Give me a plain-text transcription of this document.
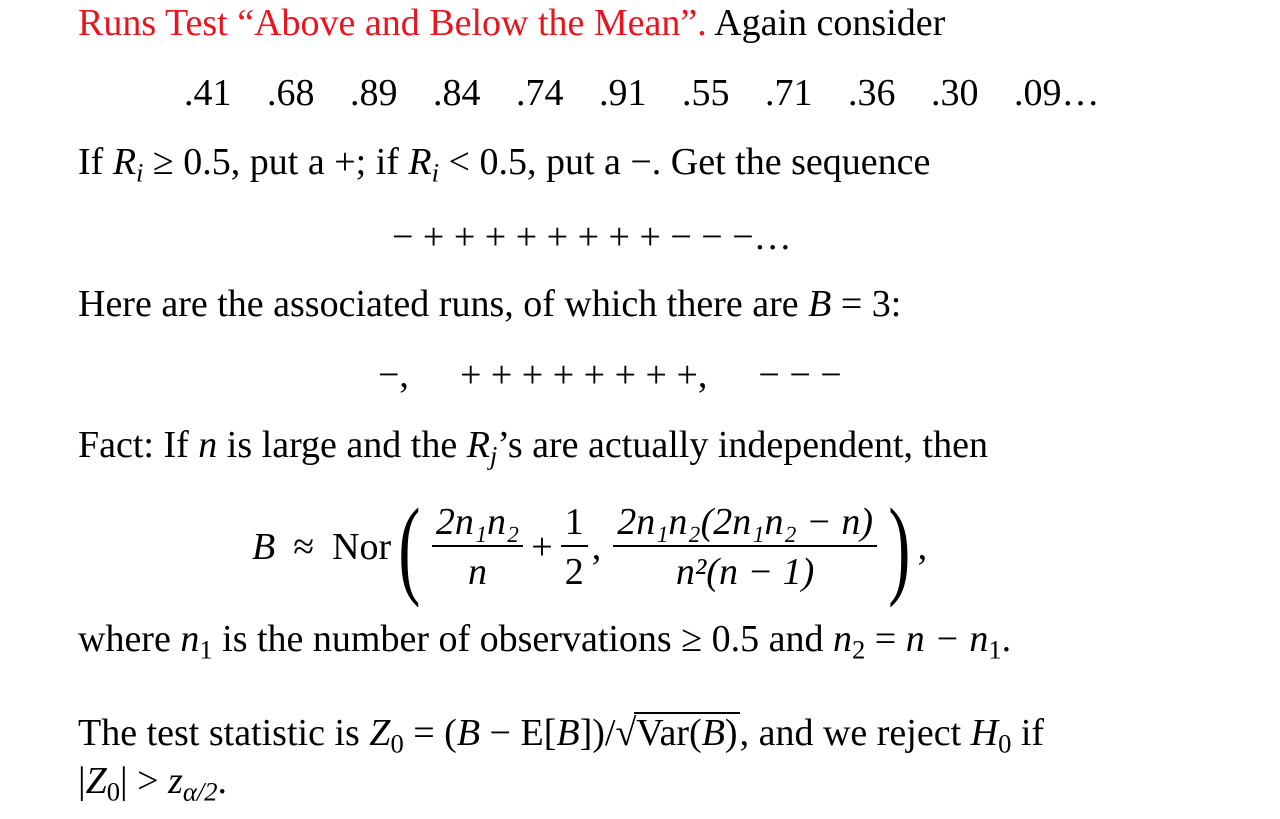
Runs Test “Above and Below the Mean”. Again consider
.41 .68 .89 .84 .74 .91 .55 .71 .36 .30 .09…
If Ri ≥ 0.5, put a +; if Ri < 0.5, put a −. Get the sequence
− + + + + + + + + − − −…
Here are the associated runs, of which there are B = 3:
−, + + + + + + + +, − − −
Fact: If n is large and the Rj’s are actually independent, then
B ≈ Nor ( $\frac{\text{2n₁n₂}}{n} + \frac{1}{2}$ , $\frac{\text{2n₁n₂(2n₁n₂ − n)}}{\text{n²(n − 1)}}$ ) ,
where $n_1$ is the number of observations ≥ 0.5 and $n_2 = n - n_1$.
The test statistic is $Z_0 = (B - E[B])/√Var(B)$, and we reject $H_0$ if
$|Z_0| > z\alpha/2$.
